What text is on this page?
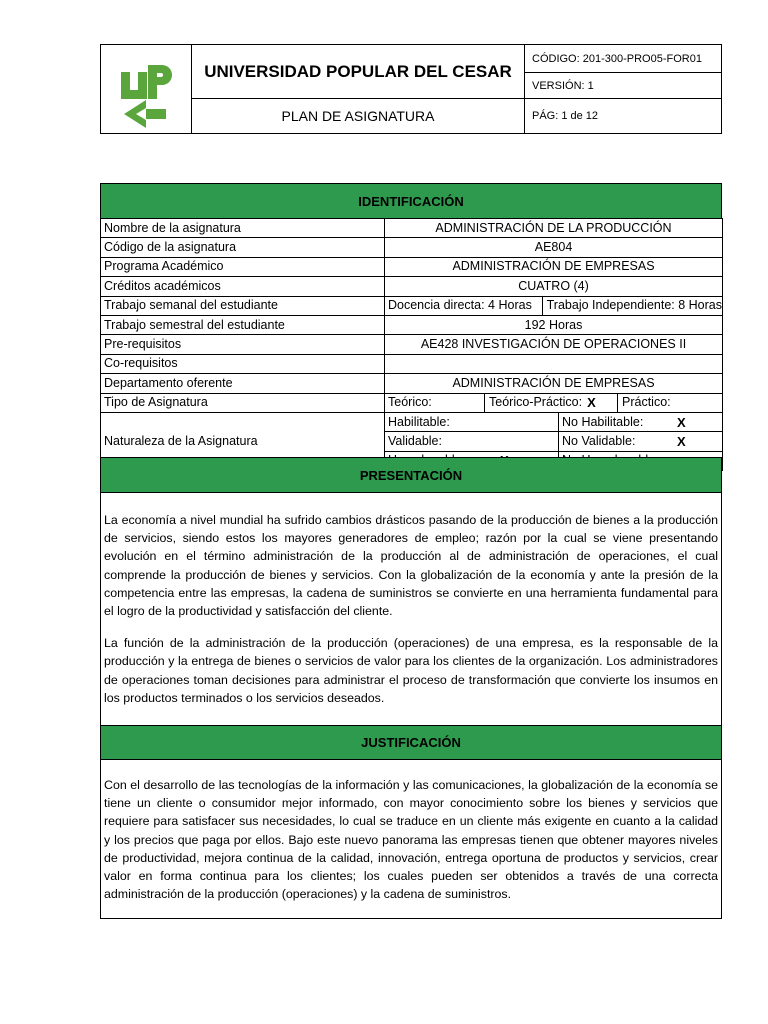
UNIVERSIDAD POPULAR DEL CESAR
PLAN DE ASIGNATURA
CÓDIGO: 201-300-PRO05-FOR01
VERSIÓN: 1
PÁG: 1 de 12
IDENTIFICACIÓN
Nombre de la asignatura	ADMINISTRACIÓN DE LA PRODUCCIÓN
Código de la asignatura	AE804
Programa Académico	ADMINISTRACIÓN DE EMPRESAS
Créditos académicos	CUATRO (4)
Trabajo semanal del estudiante	Docencia directa: 4 Horas Trabajo Independiente: 8 Horas

Trabajo semestral del estudiante	192 Horas
Pre-requisitos	AE428 INVESTIGACIÓN DE OPERACIONES II
Co-requisitos	
Departamento oferente	ADMINISTRACIÓN DE EMPRESAS
Tipo de Asignatura	Teórico: Teórico-Práctico: X Práctico:

Naturaleza de la Asignatura	Habilitable: No Habilitable: X

Validable: No Validable: X

PRESENTACIÓN

La economía a nivel mundial ha sufrido cambios drásticos pasando de la producción de bienes a la producción de servicios, siendo estos los mayores generadores de empleo; razón por la cual se viene presentando evolución en el término administración de la producción al de administración de operaciones, el cual comprende la producción de bienes y servicios. Con la globalización de la economía y ante la presión de la competencia entre las empresas, la cadena de suministros se convierte en una herramienta fundamental para el logro de la productividad y satisfacción del cliente.

La función de la administración de la producción (operaciones) de una empresa, es la responsable de la producción y la entrega de bienes o servicios de valor para los clientes de la organización. Los administradores de operaciones toman decisiones para administrar el proceso de transformación que convierte los insumos en los productos terminados o los servicios deseados.

JUSTIFICACIÓN

Con el desarrollo de las tecnologías de la información y las comunicaciones, la globalización de la economía se tiene un cliente o consumidor mejor informado, con mayor conocimiento sobre los bienes y servicios que requiere para satisfacer sus necesidades, lo cual se traduce en un cliente más exigente en cuanto a la calidad y los precios que paga por ellos. Bajo este nuevo panorama las empresas tienen que obtener mayores niveles de productividad, mejora continua de la calidad, innovación, entrega oportuna de productos y servicios, crear valor en forma continua para los clientes; los cuales pueden ser obtenidos a través de una correcta administración de la producción (operaciones) y la cadena de suministros.
